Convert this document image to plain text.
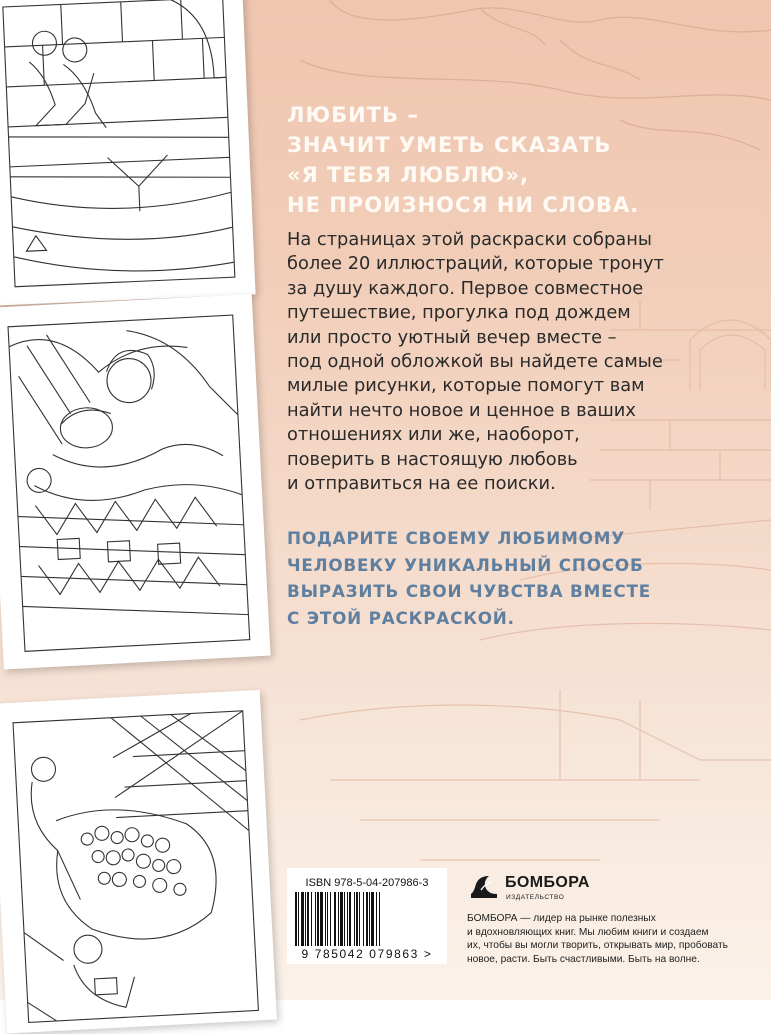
ЛЮБИТЬ –
ЗНАЧИТ УМЕТЬ СКАЗАТЬ
«Я ТЕБЯ ЛЮБЛЮ»,
НЕ ПРОИЗНОСЯ НИ СЛОВА.

На страницах этой раскраски собраны
более 20 иллюстраций, которые тронут
за душу каждого. Первое совместное
путешествие, прогулка под дождем
или просто уютный вечер вместе –
под одной обложкой вы найдете самые
милые рисунки, которые помогут вам
найти нечто новое и ценное в ваших
отношениях или же, наоборот,
поверить в настоящую любовь
и отправиться на ее поиски.

ПОДАРИТЕ СВОЕМУ ЛЮБИМОМУ
ЧЕЛОВЕКУ УНИКАЛЬНЫЙ СПОСОБ
ВЫРАЗИТЬ СВОИ ЧУВСТВА ВМЕСТЕ
С ЭТОЙ РАСКРАСКОЙ.

ISBN 978-5-04-207986-3
9 785042 079863 >
БОМБОРА
ИЗДАТЕЛЬСТВО

БОМБОРА — лидер на рынке полезных
и вдохновляющих книг. Мы любим книги и создаем
их, чтобы вы могли творить, открывать мир, пробовать
новое, расти. Быть счастливыми. Быть на волне.
